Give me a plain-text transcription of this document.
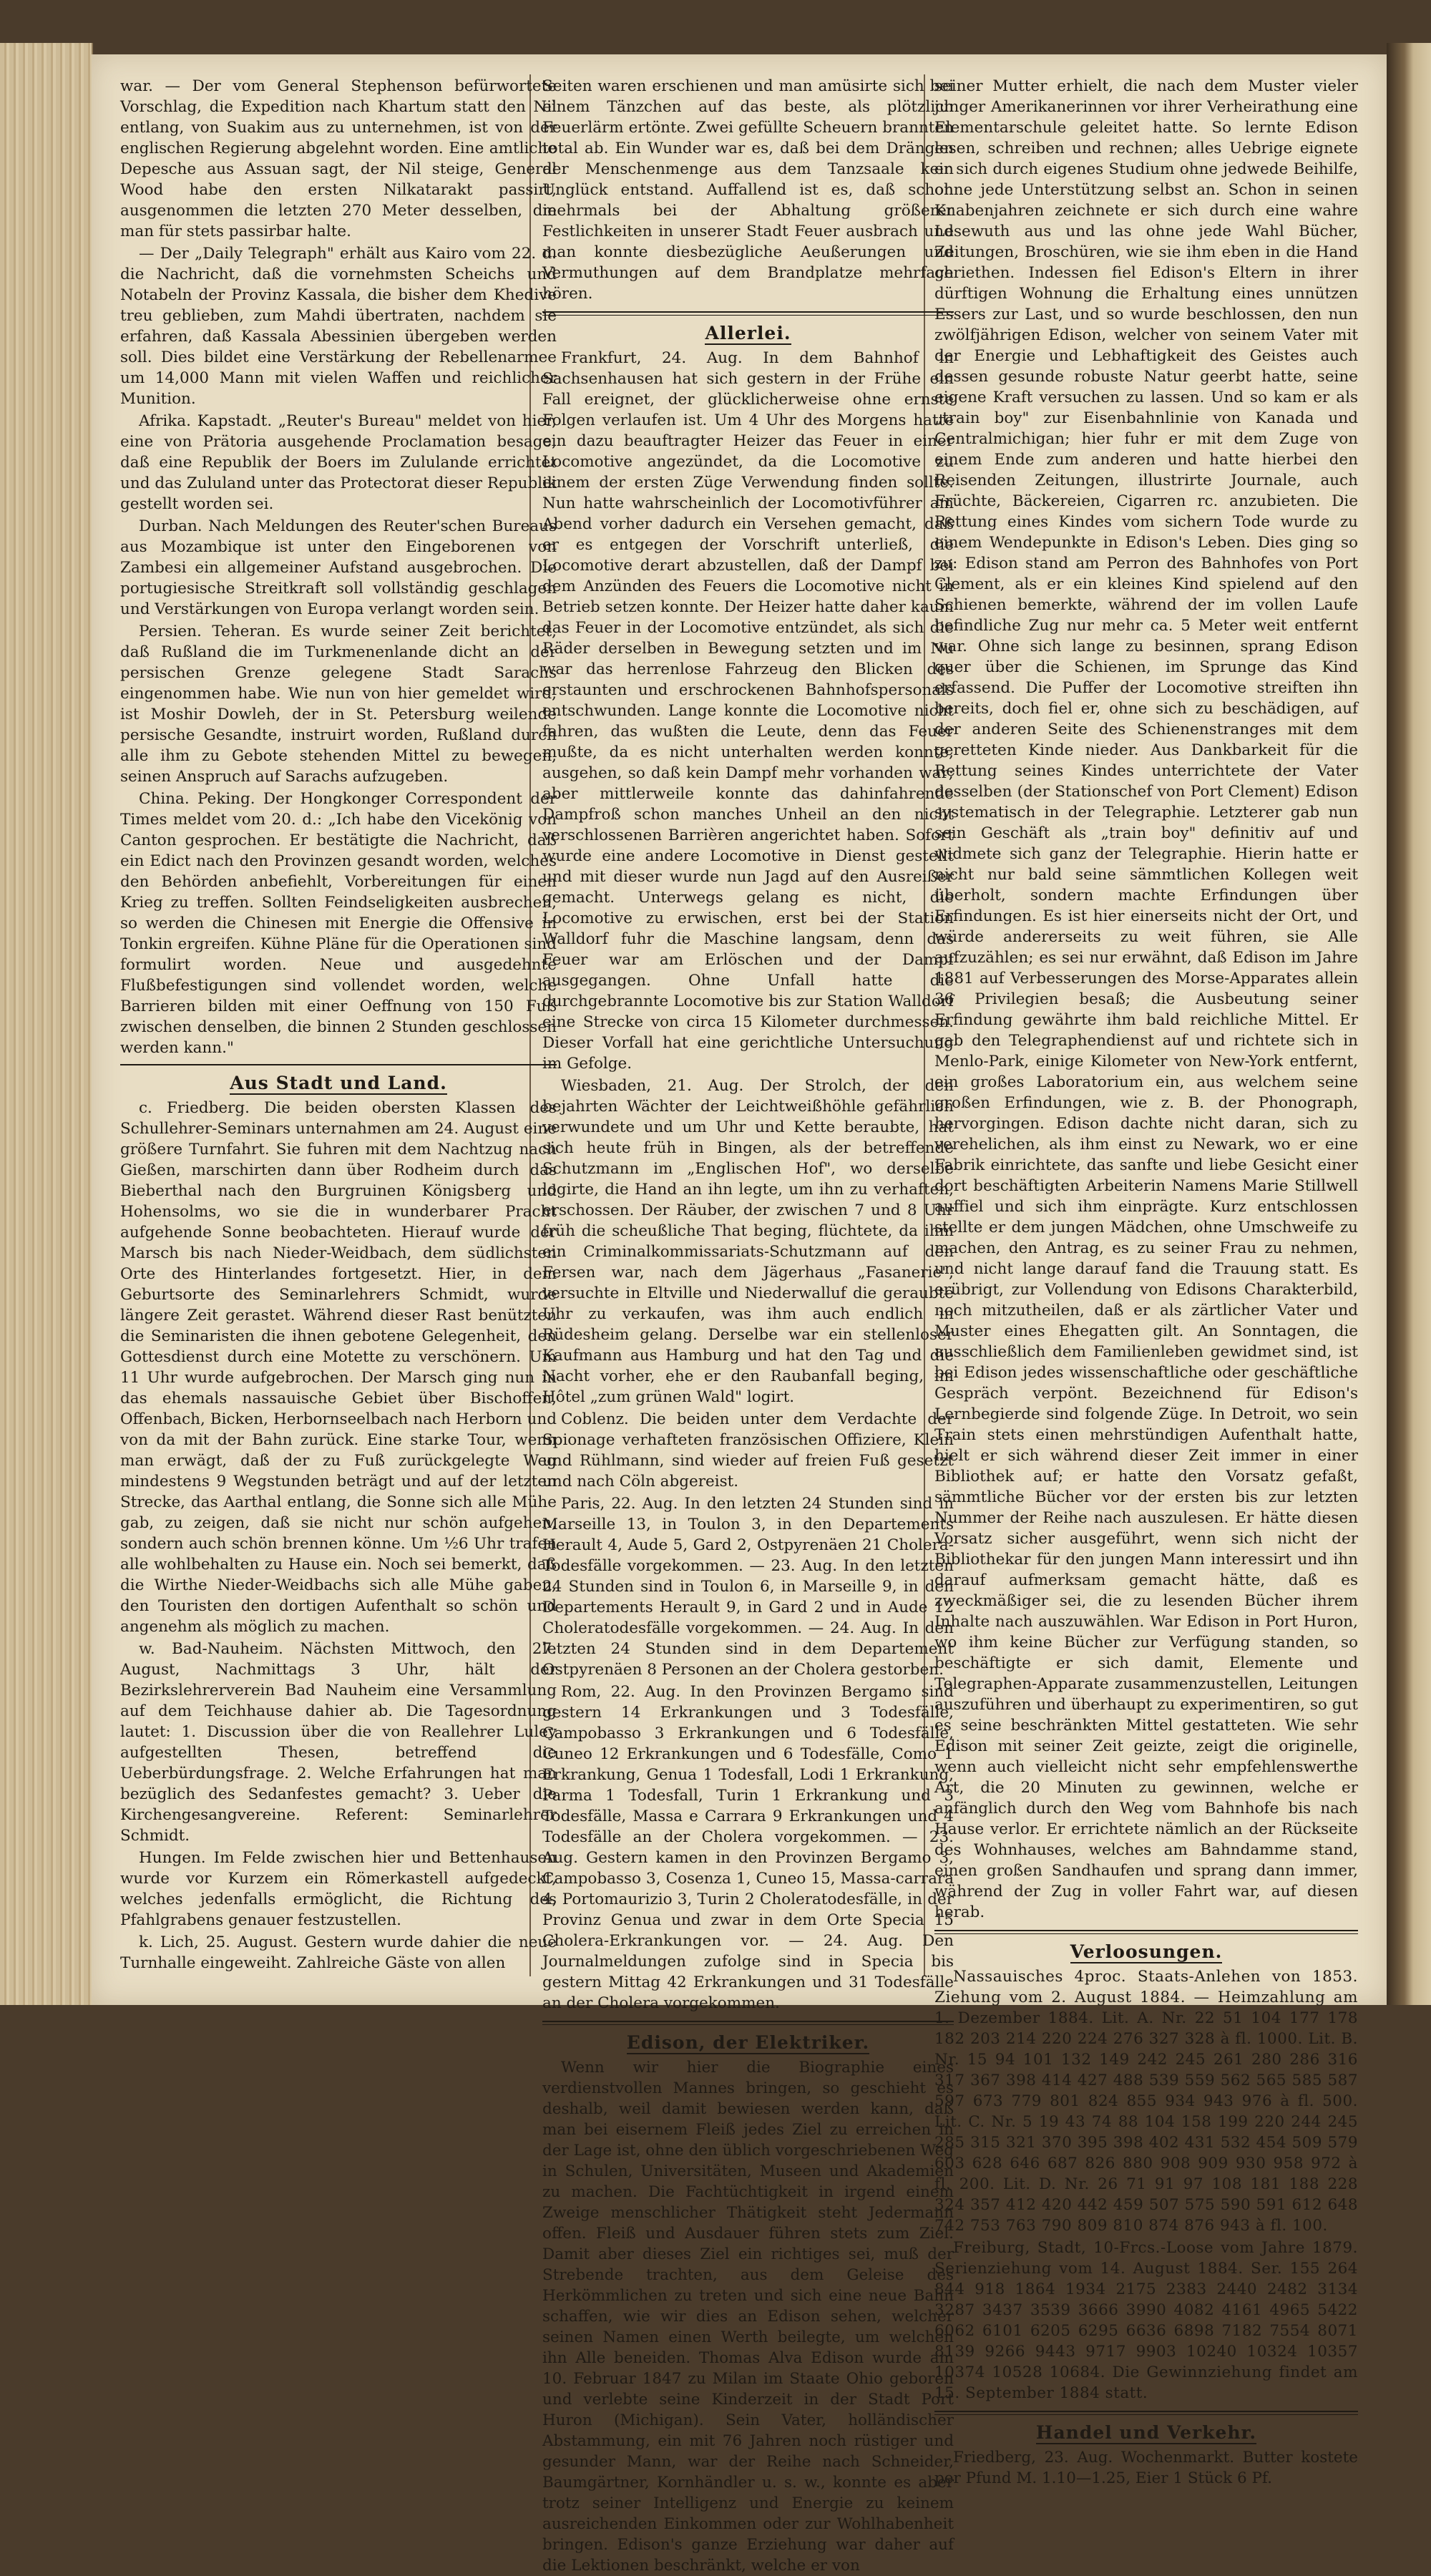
war. — Der vom General Stephenson befürwortete Vorschlag, die Expedition nach Khartum statt den Nil entlang, von Suakim aus zu unternehmen, ist von der englischen Regierung abgelehnt worden. Eine amtliche Depesche aus Assuan sagt, der Nil steige, General Wood habe den ersten Nilkatarakt passirt, ausgenommen die letzten 270 Meter desselben, die man für stets passirbar halte.

— Der „Daily Telegraph" erhält aus Kairo vom 22. d. die Nachricht, daß die vornehmsten Scheichs und Notabeln der Provinz Kassala, die bisher dem Khedive treu geblieben, zum Mahdi übertraten, nachdem sie erfahren, daß Kassala Abessinien übergeben werden soll. Dies bildet eine Verstärkung der Rebellenarmee um 14,000 Mann mit vielen Waffen und reichlicher Munition.

Afrika. Kapstadt. „Reuter's Bureau" meldet von hier, eine von Prätoria ausgehende Proclamation besage, daß eine Republik der Boers im Zululande errichtet und das Zululand unter das Protectorat dieser Republik gestellt worden sei.

Durban. Nach Meldungen des Reuter'schen Bureaus aus Mozambique ist unter den Eingeborenen von Zambesi ein allgemeiner Aufstand ausgebrochen. Die portugiesische Streitkraft soll vollständig geschlagen und Verstärkungen von Europa verlangt worden sein.

Persien. Teheran. Es wurde seiner Zeit berichtet, daß Rußland die im Turkmenenlande dicht an der persischen Grenze gelegene Stadt Sarachs eingenommen habe. Wie nun von hier gemeldet wird, ist Moshir Dowleh, der in St. Petersburg weilende persische Gesandte, instruirt worden, Rußland durch alle ihm zu Gebote stehenden Mittel zu bewegen, seinen Anspruch auf Sarachs aufzugeben.

China. Peking. Der Hongkonger Correspondent der Times meldet vom 20. d.: „Ich habe den Vicekönig von Canton gesprochen. Er bestätigte die Nachricht, daß ein Edict nach den Provinzen gesandt worden, welches den Behörden anbefiehlt, Vorbereitungen für einen Krieg zu treffen. Sollten Feindseligkeiten ausbrechen, so werden die Chinesen mit Energie die Offensive in Tonkin ergreifen. Kühne Pläne für die Operationen sind formulirt worden. Neue und ausgedehnte Flußbefestigungen sind vollendet worden, welche Barrieren bilden mit einer Oeffnung von 150 Fuß zwischen denselben, die binnen 2 Stunden geschlossen werden kann."

Aus Stadt und Land.

c. Friedberg. Die beiden obersten Klassen des Schullehrer-Seminars unternahmen am 24. August eine größere Turnfahrt. Sie fuhren mit dem Nachtzug nach Gießen, marschirten dann über Rodheim durch das Bieberthal nach den Burgruinen Königsberg und Hohensolms, wo sie die in wunderbarer Pracht aufgehende Sonne beobachteten. Hierauf wurde der Marsch bis nach Nieder-Weidbach, dem südlichsten Orte des Hinterlandes fortgesetzt. Hier, in dem Geburtsorte des Seminarlehrers Schmidt, wurde längere Zeit gerastet. Während dieser Rast benützten die Seminaristen die ihnen gebotene Gelegenheit, den Gottesdienst durch eine Motette zu verschönern. Um 11 Uhr wurde aufgebrochen. Der Marsch ging nun in das ehemals nassauische Gebiet über Bischoffen, Offenbach, Bicken, Herbornseelbach nach Herborn und von da mit der Bahn zurück. Eine starke Tour, wenn man erwägt, daß der zu Fuß zurückgelegte Weg mindestens 9 Wegstunden beträgt und auf der letzten Strecke, das Aarthal entlang, die Sonne sich alle Mühe gab, zu zeigen, daß sie nicht nur schön aufgehen, sondern auch schön brennen könne. Um ½6 Uhr trafen alle wohlbehalten zu Hause ein. Noch sei bemerkt, daß die Wirthe Nieder-Weidbachs sich alle Mühe gaben, den Touristen den dortigen Aufenthalt so schön und angenehm als möglich zu machen.

w. Bad-Nauheim. Nächsten Mittwoch, den 27. August, Nachmittags 3 Uhr, hält der Bezirkslehrerverein Bad Nauheim eine Versammlung auf dem Teichhause dahier ab. Die Tagesordnung lautet: 1. Discussion über die von Reallehrer Luley aufgestellten Thesen, betreffend die Ueberbürdungsfrage. 2. Welche Erfahrungen hat man bezüglich des Sedanfestes gemacht? 3. Ueber die Kirchengesangvereine. Referent: Seminarlehrer Schmidt.

Hungen. Im Felde zwischen hier und Bettenhausen wurde vor Kurzem ein Römerkastell aufgedeckt, welches jedenfalls ermöglicht, die Richtung des Pfahlgrabens genauer festzustellen.

k. Lich, 25. August. Gestern wurde dahier die neue Turnhalle eingeweiht. Zahlreiche Gäste von allen

Seiten waren erschienen und man amüsirte sich bei einem Tänzchen auf das beste, als plötzlich Feuerlärm ertönte. Zwei gefüllte Scheuern brannten total ab. Ein Wunder war es, daß bei dem Drängen der Menschenmenge aus dem Tanzsaale kein Unglück entstand. Auffallend ist es, daß schon mehrmals bei der Abhaltung größerer Festlichkeiten in unserer Stadt Feuer ausbrach und man konnte diesbezügliche Aeußerungen und Vermuthungen auf dem Brandplatze mehrfach hören.

Allerlei.

Frankfurt, 24. Aug. In dem Bahnhof in Sachsenhausen hat sich gestern in der Frühe ein Fall ereignet, der glücklicherweise ohne ernste Folgen verlaufen ist. Um 4 Uhr des Morgens hatte ein dazu beauftragter Heizer das Feuer in einer Locomotive angezündet, da die Locomotive zu einem der ersten Züge Verwendung finden sollte. Nun hatte wahrscheinlich der Locomotivführer am Abend vorher dadurch ein Versehen gemacht, daß er es entgegen der Vorschrift unterließ, die Locomotive derart abzustellen, daß der Dampf bei dem Anzünden des Feuers die Locomotive nicht in Betrieb setzen konnte. Der Heizer hatte daher kaum das Feuer in der Locomotive entzündet, als sich die Räder derselben in Bewegung setzten und im Nu war das herrenlose Fahrzeug den Blicken des erstaunten und erschrockenen Bahnhofspersonals entschwunden. Lange konnte die Locomotive nicht fahren, das wußten die Leute, denn das Feuer mußte, da es nicht unterhalten werden konnte, ausgehen, so daß kein Dampf mehr vorhanden war; aber mittlerweile konnte das dahinfahrende Dampfroß schon manches Unheil an den nicht verschlossenen Barrièren angerichtet haben. Sofort wurde eine andere Locomotive in Dienst gestellt und mit dieser wurde nun Jagd auf den Ausreißer gemacht. Unterwegs gelang es nicht, die Locomotive zu erwischen, erst bei der Station Walldorf fuhr die Maschine langsam, denn das Feuer war am Erlöschen und der Dampf ausgegangen. Ohne Unfall hatte die durchgebrannte Locomotive bis zur Station Walldorf eine Strecke von circa 15 Kilometer durchmessen. Dieser Vorfall hat eine gerichtliche Untersuchung im Gefolge.

Wiesbaden, 21. Aug. Der Strolch, der den bejahrten Wächter der Leichtweißhöhle gefährlich verwundete und um Uhr und Kette beraubte, hat sich heute früh in Bingen, als der betreffende Schutzmann im „Englischen Hof", wo derselbe logirte, die Hand an ihn legte, um ihn zu verhaften, erschossen. Der Räuber, der zwischen 7 und 8 Uhr früh die scheußliche That beging, flüchtete, da ihm ein Criminalkommissariats-Schutzmann auf den Fersen war, nach dem Jägerhaus „Fasanerie", versuchte in Eltville und Niederwalluf die geraubte Uhr zu verkaufen, was ihm auch endlich in Rüdesheim gelang. Derselbe war ein stellenloser Kaufmann aus Hamburg und hat den Tag und die Nacht vorher, ehe er den Raubanfall beging, im Hôtel „zum grünen Wald" logirt.

Coblenz. Die beiden unter dem Verdachte der Spionage verhafteten französischen Offiziere, Klein und Rühlmann, sind wieder auf freien Fuß gesetzt und nach Cöln abgereist.

Paris, 22. Aug. In den letzten 24 Stunden sind in Marseille 13, in Toulon 3, in den Departements Herault 4, Aude 5, Gard 2, Ostpyrenäen 21 Cholera-Todesfälle vorgekommen. — 23. Aug. In den letzten 24 Stunden sind in Toulon 6, in Marseille 9, in den Departements Herault 9, in Gard 2 und in Aude 12 Choleratodesfälle vorgekommen. — 24. Aug. In den letzten 24 Stunden sind in dem Departement Ostpyrenäen 8 Personen an der Cholera gestorben.

Rom, 22. Aug. In den Provinzen Bergamo sind gestern 14 Erkrankungen und 3 Todesfälle, Campobasso 3 Erkrankungen und 6 Todesfälle, Cuneo 12 Erkrankungen und 6 Todesfälle, Como 1 Erkrankung, Genua 1 Todesfall, Lodi 1 Erkrankung, Parma 1 Todesfall, Turin 1 Erkrankung und 3 Todesfälle, Massa e Carrara 9 Erkrankungen und 4 Todesfälle an der Cholera vorgekommen. — 23. Aug. Gestern kamen in den Provinzen Bergamo 3, Campobasso 3, Cosenza 1, Cuneo 15, Massa-carrara 4, Portomaurizio 3, Turin 2 Choleratodesfälle, in der Provinz Genua und zwar in dem Orte Specia 15 Cholera-Erkrankungen vor. — 24. Aug. Den Journalmeldungen zufolge sind in Specia bis gestern Mittag 42 Erkrankungen und 31 Todesfälle an der Cholera vorgekommen.

Edison, der Elektriker.

Wenn wir hier die Biographie eines verdienstvollen Mannes bringen, so geschieht es deshalb, weil damit bewiesen werden kann, daß man bei eisernem Fleiß jedes Ziel zu erreichen in der Lage ist, ohne den üblich vorgeschriebenen Weg in Schulen, Universitäten, Museen und Akademien zu machen. Die Fachtüchtigkeit in irgend einem Zweige menschlicher Thätigkeit steht Jedermann offen. Fleiß und Ausdauer führen stets zum Ziel. Damit aber dieses Ziel ein richtiges sei, muß der Strebende trachten, aus dem Geleise des Herkömmlichen zu treten und sich eine neue Bahn schaffen, wie wir dies an Edison sehen, welcher seinen Namen einen Werth beilegte, um welchen ihn Alle beneiden. Thomas Alva Edison wurde am 10. Februar 1847 zu Milan im Staate Ohio geboren und verlebte seine Kinderzeit in der Stadt Port Huron (Michigan). Sein Vater, holländischer Abstammung, ein mit 76 Jahren noch rüstiger und gesunder Mann, war der Reihe nach Schneider, Baumgärtner, Kornhändler u. s. w., konnte es aber trotz seiner Intelligenz und Energie zu keinem ausreichenden Einkommen oder zur Wohlhabenheit bringen. Edison's ganze Erziehung war daher auf die Lektionen beschränkt, welche er von

seiner Mutter erhielt, die nach dem Muster vieler junger Amerikanerinnen vor ihrer Verheirathung eine Elementarschule geleitet hatte. So lernte Edison lesen, schreiben und rechnen; alles Uebrige eignete er sich durch eigenes Studium ohne jedwede Beihilfe, ohne jede Unterstützung selbst an. Schon in seinen Knabenjahren zeichnete er sich durch eine wahre Lesewuth aus und las ohne jede Wahl Bücher, Zeitungen, Broschüren, wie sie ihm eben in die Hand geriethen. Indessen fiel Edison's Eltern in ihrer dürftigen Wohnung die Erhaltung eines unnützen Essers zur Last, und so wurde beschlossen, den nun zwölfjährigen Edison, welcher von seinem Vater mit der Energie und Lebhaftigkeit des Geistes auch dessen gesunde robuste Natur geerbt hatte, seine eigene Kraft versuchen zu lassen. Und so kam er als „train boy" zur Eisenbahnlinie von Kanada und Centralmichigan; hier fuhr er mit dem Zuge von einem Ende zum anderen und hatte hierbei den Reisenden Zeitungen, illustrirte Journale, auch Früchte, Bäckereien, Cigarren rc. anzubieten. Die Rettung eines Kindes vom sichern Tode wurde zu einem Wendepunkte in Edison's Leben. Dies ging so zu: Edison stand am Perron des Bahnhofes von Port Clement, als er ein kleines Kind spielend auf den Schienen bemerkte, während der im vollen Laufe befindliche Zug nur mehr ca. 5 Meter weit entfernt war. Ohne sich lange zu besinnen, sprang Edison quer über die Schienen, im Sprunge das Kind erfassend. Die Puffer der Locomotive streiften ihn bereits, doch fiel er, ohne sich zu beschädigen, auf der anderen Seite des Schienenstranges mit dem geretteten Kinde nieder. Aus Dankbarkeit für die Rettung seines Kindes unterrichtete der Vater desselben (der Stationschef von Port Clement) Edison systematisch in der Telegraphie. Letzterer gab nun sein Geschäft als „train boy" definitiv auf und widmete sich ganz der Telegraphie. Hierin hatte er nicht nur bald seine sämmtlichen Kollegen weit überholt, sondern machte Erfindungen über Erfindungen. Es ist hier einerseits nicht der Ort, und würde andererseits zu weit führen, sie Alle aufzuzählen; es sei nur erwähnt, daß Edison im Jahre 1881 auf Verbesserungen des Morse-Apparates allein 36 Privilegien besaß; die Ausbeutung seiner Erfindung gewährte ihm bald reichliche Mittel. Er gab den Telegraphendienst auf und richtete sich in Menlo-Park, einige Kilometer von New-York entfernt, ein großes Laboratorium ein, aus welchem seine großen Erfindungen, wie z. B. der Phonograph, hervorgingen. Edison dachte nicht daran, sich zu verehelichen, als ihm einst zu Newark, wo er eine Fabrik einrichtete, das sanfte und liebe Gesicht einer dort beschäftigten Arbeiterin Namens Marie Stillwell auffiel und sich ihm einprägte. Kurz entschlossen stellte er dem jungen Mädchen, ohne Umschweife zu machen, den Antrag, es zu seiner Frau zu nehmen, und nicht lange darauf fand die Trauung statt. Es erübrigt, zur Vollendung von Edisons Charakterbild, noch mitzutheilen, daß er als zärtlicher Vater und Muster eines Ehegatten gilt. An Sonntagen, die ausschließlich dem Familienleben gewidmet sind, ist bei Edison jedes wissenschaftliche oder geschäftliche Gespräch verpönt. Bezeichnend für Edison's Lernbegierde sind folgende Züge. In Detroit, wo sein Train stets einen mehrstündigen Aufenthalt hatte, hielt er sich während dieser Zeit immer in einer Bibliothek auf; er hatte den Vorsatz gefaßt, sämmtliche Bücher vor der ersten bis zur letzten Nummer der Reihe nach auszulesen. Er hätte diesen Vorsatz sicher ausgeführt, wenn sich nicht der Bibliothekar für den jungen Mann interessirt und ihn darauf aufmerksam gemacht hätte, daß es zweckmäßiger sei, die zu lesenden Bücher ihrem Inhalte nach auszuwählen. War Edison in Port Huron, wo ihm keine Bücher zur Verfügung standen, so beschäftigte er sich damit, Elemente und Telegraphen-Apparate zusammenzustellen, Leitungen auszuführen und überhaupt zu experimentiren, so gut es seine beschränkten Mittel gestatteten. Wie sehr Edison mit seiner Zeit geizte, zeigt die originelle, wenn auch vielleicht nicht sehr empfehlenswerthe Art, die 20 Minuten zu gewinnen, welche er anfänglich durch den Weg vom Bahnhofe bis nach Hause verlor. Er errichtete nämlich an der Rückseite des Wohnhauses, welches am Bahndamme stand, einen großen Sandhaufen und sprang dann immer, während der Zug in voller Fahrt war, auf diesen herab.

Verloosungen.

Nassauisches 4proc. Staats-Anlehen von 1853. Ziehung vom 2. August 1884. — Heimzahlung am 1. Dezember 1884. Lit. A. Nr. 22 51 104 177 178 182 203 214 220 224 276 327 328 à fl. 1000. Lit. B. Nr. 15 94 101 132 149 242 245 261 280 286 316 317 367 398 414 427 488 539 559 562 565 585 587 597 673 779 801 824 855 934 943 976 à fl. 500. Lit. C. Nr. 5 19 43 74 88 104 158 199 220 244 245 285 315 321 370 395 398 402 431 532 454 509 579 603 628 646 687 826 880 908 909 930 958 972 à fl. 200. Lit. D. Nr. 26 71 91 97 108 181 188 228 324 357 412 420 442 459 507 575 590 591 612 648 742 753 763 790 809 810 874 876 943 à fl. 100.

Freiburg, Stadt, 10-Frcs.-Loose vom Jahre 1879. Serienziehung vom 14. August 1884. Ser. 155 264 844 918 1864 1934 2175 2383 2440 2482 3134 3287 3437 3539 3666 3990 4082 4161 4965 5422 6062 6101 6205 6295 6636 6898 7182 7554 8071 8139 9266 9443 9717 9903 10240 10324 10357 10374 10528 10684. Die Gewinnziehung findet am 15. September 1884 statt.

Handel und Verkehr.

Friedberg, 23. Aug. Wochenmarkt. Butter kostete per Pfund M. 1.10—1.25, Eier 1 Stück 6 Pf.
